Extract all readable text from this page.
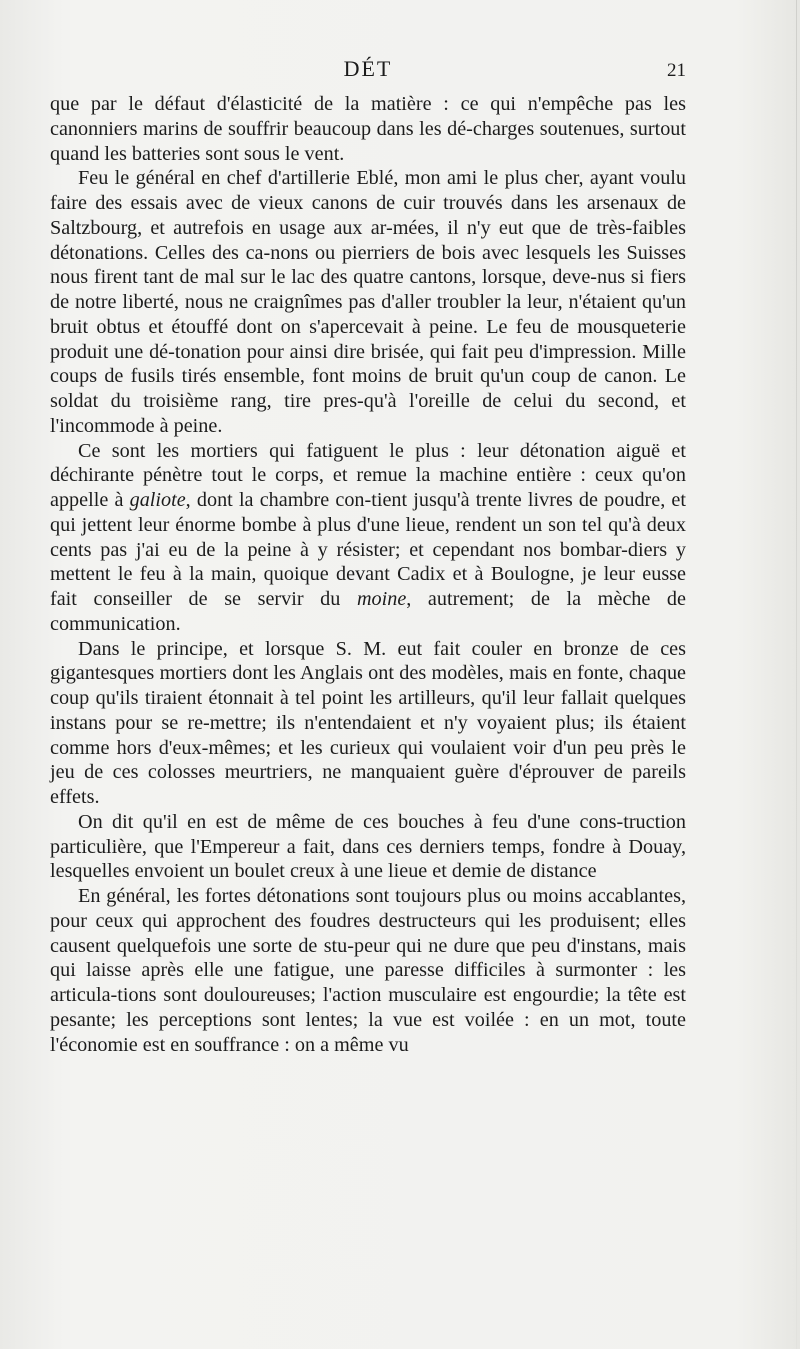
DÉT	21

que par le défaut d'élasticité de la matière : ce qui n'empêche pas les canonniers marins de souffrir beaucoup dans les dé-charges soutenues, surtout quand les batteries sont sous le vent.

Feu le général en chef d'artillerie Eblé, mon ami le plus cher, ayant voulu faire des essais avec de vieux canons de cuir trouvés dans les arsenaux de Saltzbourg, et autrefois en usage aux ar-mées, il n'y eut que de très-faibles détonations. Celles des ca-nons ou pierriers de bois avec lesquels les Suisses nous firent tant de mal sur le lac des quatre cantons, lorsque, deve-nus si fiers de notre liberté, nous ne craignîmes pas d'aller troubler la leur, n'étaient qu'un bruit obtus et étouffé dont on s'apercevait à peine. Le feu de mousqueterie produit une dé-tonation pour ainsi dire brisée, qui fait peu d'impression. Mille coups de fusils tirés ensemble, font moins de bruit qu'un coup de canon. Le soldat du troisième rang, tire pres-qu'à l'oreille de celui du second, et l'incommode à peine.

Ce sont les mortiers qui fatiguent le plus : leur détonation aiguë et déchirante pénètre tout le corps, et remue la machine entière : ceux qu'on appelle à galiote, dont la chambre con-tient jusqu'à trente livres de poudre, et qui jettent leur énorme bombe à plus d'une lieue, rendent un son tel qu'à deux cents pas j'ai eu de la peine à y résister; et cependant nos bombar-diers y mettent le feu à la main, quoique devant Cadix et à Boulogne, je leur eusse fait conseiller de se servir du moine, autrement; de la mèche de communication.

Dans le principe, et lorsque S. M. eut fait couler en bronze de ces gigantesques mortiers dont les Anglais ont des modèles, mais en fonte, chaque coup qu'ils tiraient étonnait à tel point les artilleurs, qu'il leur fallait quelques instans pour se re-mettre; ils n'entendaient et n'y voyaient plus; ils étaient comme hors d'eux-mêmes; et les curieux qui voulaient voir d'un peu près le jeu de ces colosses meurtriers, ne manquaient guère d'éprouver de pareils effets.

On dit qu'il en est de même de ces bouches à feu d'une cons-truction particulière, que l'Empereur a fait, dans ces derniers temps, fondre à Douay, lesquelles envoient un boulet creux à une lieue et demie de distance

En général, les fortes détonations sont toujours plus ou moins accablantes, pour ceux qui approchent des foudres destructeurs qui les produisent; elles causent quelquefois une sorte de stu-peur qui ne dure que peu d'instans, mais qui laisse après elle une fatigue, une paresse difficiles à surmonter : les articula-tions sont douloureuses; l'action musculaire est engourdie; la tête est pesante; les perceptions sont lentes; la vue est voilée : en un mot, toute l'économie est en souffrance : on a même vu
